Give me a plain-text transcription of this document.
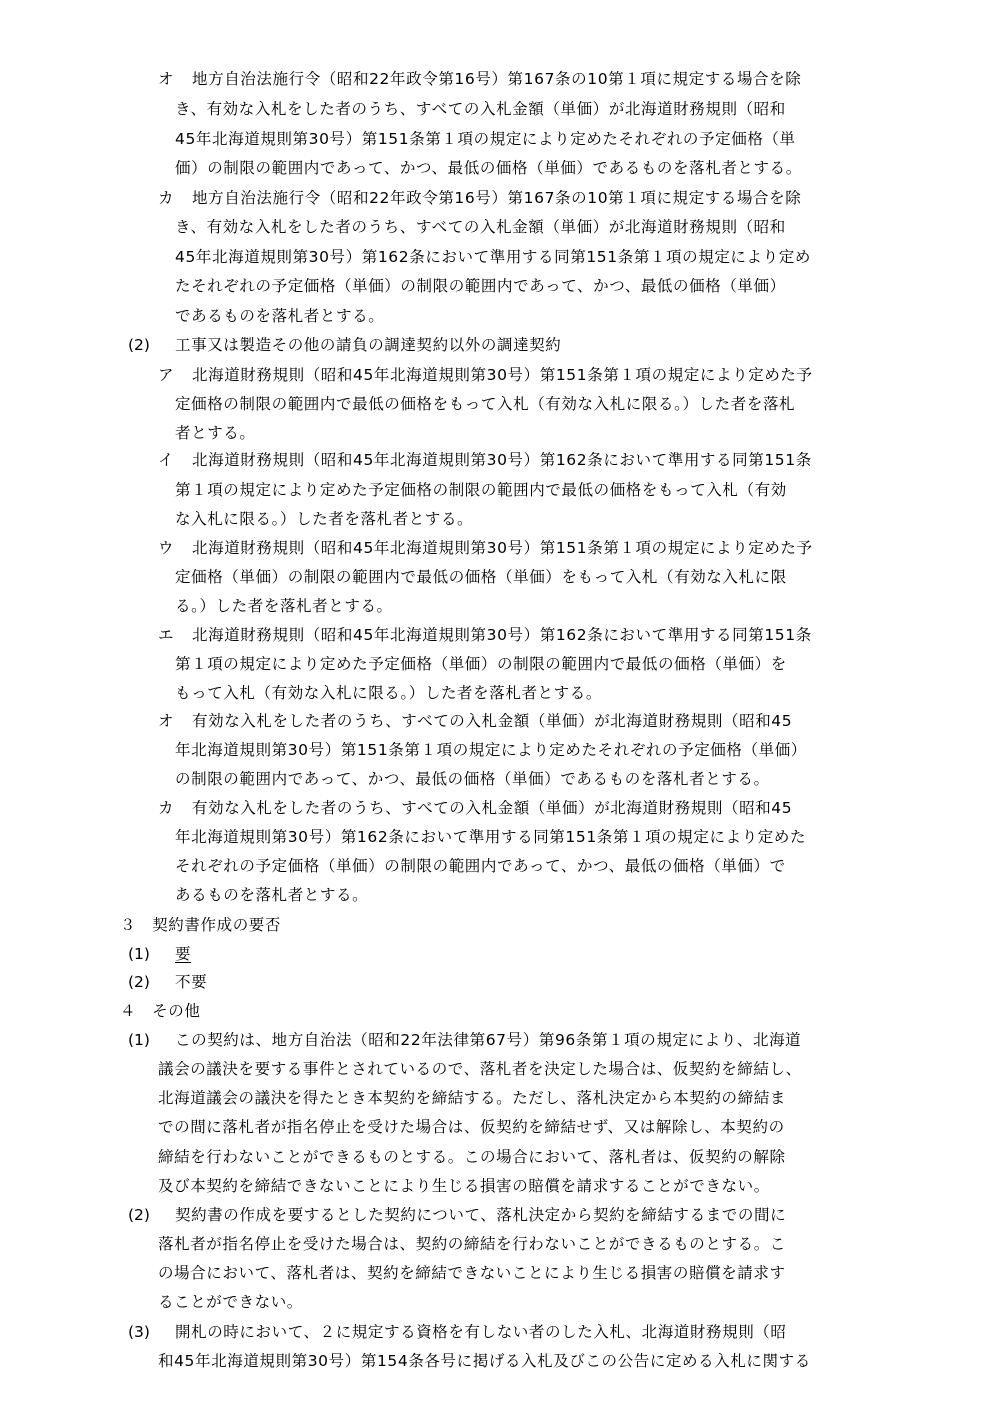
オ 地方自治法施行令（昭和22年政令第16号）第167条の10第１項に規定する場合を除
き、有効な入札をした者のうち、すべての入札金額（単価）が北海道財務規則（昭和
45年北海道規則第30号）第151条第１項の規定により定めたそれぞれの予定価格（単
価）の制限の範囲内であって、かつ、最低の価格（単価）であるものを落札者とする。
カ 地方自治法施行令（昭和22年政令第16号）第167条の10第１項に規定する場合を除
き、有効な入札をした者のうち、すべての入札金額（単価）が北海道財務規則（昭和
45年北海道規則第30号）第162条において準用する同第151条第１項の規定により定め
たそれぞれの予定価格（単価）の制限の範囲内であって、かつ、最低の価格（単価）
であるものを落札者とする。
(2) 工事又は製造その他の請負の調達契約以外の調達契約
ア 北海道財務規則（昭和45年北海道規則第30号）第151条第１項の規定により定めた予
定価格の制限の範囲内で最低の価格をもって入札（有効な入札に限る。）した者を落札
者とする。
イ 北海道財務規則（昭和45年北海道規則第30号）第162条において準用する同第151条
第１項の規定により定めた予定価格の制限の範囲内で最低の価格をもって入札（有効
な入札に限る。）した者を落札者とする。
ウ 北海道財務規則（昭和45年北海道規則第30号）第151条第１項の規定により定めた予
定価格（単価）の制限の範囲内で最低の価格（単価）をもって入札（有効な入札に限
る。）した者を落札者とする。
エ 北海道財務規則（昭和45年北海道規則第30号）第162条において準用する同第151条
第１項の規定により定めた予定価格（単価）の制限の範囲内で最低の価格（単価）を
もって入札（有効な入札に限る。）した者を落札者とする。
オ 有効な入札をした者のうち、すべての入札金額（単価）が北海道財務規則（昭和45
年北海道規則第30号）第151条第１項の規定により定めたそれぞれの予定価格（単価）
の制限の範囲内であって、かつ、最低の価格（単価）であるものを落札者とする。
カ 有効な入札をした者のうち、すべての入札金額（単価）が北海道財務規則（昭和45
年北海道規則第30号）第162条において準用する同第151条第１項の規定により定めた
それぞれの予定価格（単価）の制限の範囲内であって、かつ、最低の価格（単価）で
あるものを落札者とする。
３　契約書作成の要否
(1) 要
(2) 不要
４　その他
(1) この契約は、地方自治法（昭和22年法律第67号）第96条第１項の規定により、北海道
議会の議決を要する事件とされているので、落札者を決定した場合は、仮契約を締結し、
北海道議会の議決を得たとき本契約を締結する。ただし、落札決定から本契約の締結ま
での間に落札者が指名停止を受けた場合は、仮契約を締結せず、又は解除し、本契約の
締結を行わないことができるものとする。この場合において、落札者は、仮契約の解除
及び本契約を締結できないことにより生じる損害の賠償を請求することができない。
(2) 契約書の作成を要するとした契約について、落札決定から契約を締結するまでの間に
落札者が指名停止を受けた場合は、契約の締結を行わないことができるものとする。こ
の場合において、落札者は、契約を締結できないことにより生じる損害の賠償を請求す
ることができない。
(3) 開札の時において、２に規定する資格を有しない者のした入札、北海道財務規則（昭
和45年北海道規則第30号）第154条各号に掲げる入札及びこの公告に定める入札に関する
